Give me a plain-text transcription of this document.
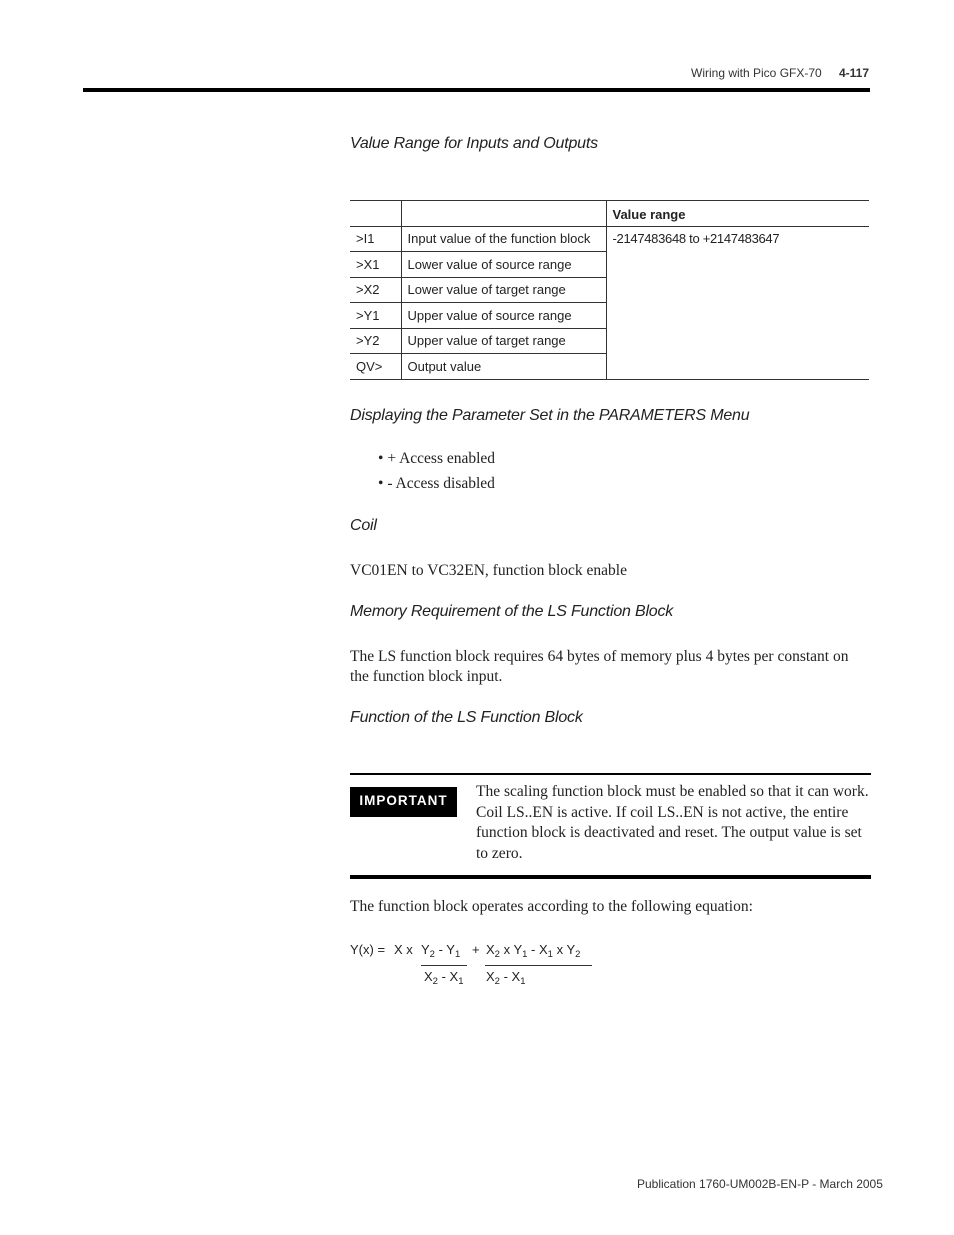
Wiring with Pico GFX-70 4-117
Value Range for Inputs and Outputs
		Value range
>I1	Input value of the function block	-2147483648 to +2147483647
>X1	Lower value of source range	
>X2	Lower value of target range	
>Y1	Upper value of source range	
>Y2	Upper value of target range	
QV>	Output value	
Displaying the Parameter Set in the PARAMETERS Menu
• + Access enabled
• - Access disabled
Coil
VC01EN to VC32EN, function block enable
Memory Requirement of the LS Function Block
The LS function block requires 64 bytes of memory plus 4 bytes per constant on the function block input.
Function of the LS Function Block
IMPORTANT
The scaling function block must be enabled so that it can work. Coil LS..EN is active. If coil LS..EN is not active, the entire function block is deactivated and reset. The output value is set to zero.
The function block operates according to the following equation:
Y(x) = X x $Y_2 - Y_1$
$X_2 - X_1$
+ $X_2$ x $Y_1 - X_1$ x $Y_2$
$X_2 - X_1$
Publication 1760-UM002B-EN-P - March 2005
